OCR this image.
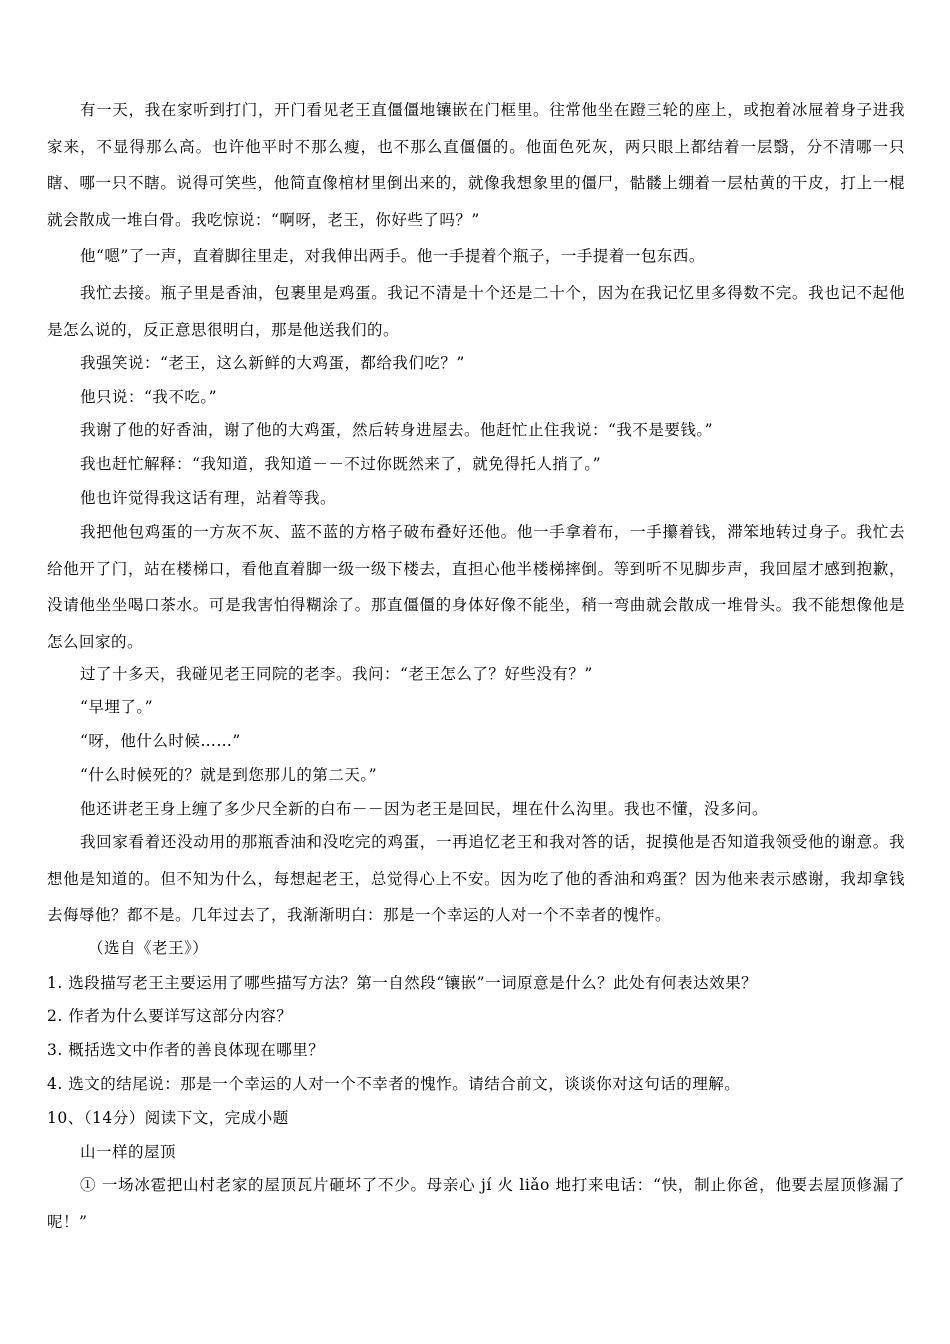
有一天，我在家听到打门，开门看见老王直僵僵地镶嵌在门框里。往常他坐在蹬三轮的座上，或抱着冰屉着身子进我家来，不显得那么高。也许他平时不那么瘦，也不那么直僵僵的。他面色死灰，两只眼上都结着一层翳，分不清哪一只瞎、哪一只不瞎。说得可笑些，他简直像棺材里倒出来的，就像我想象里的僵尸，骷髅上绷着一层枯黄的干皮，打上一棍就会散成一堆白骨。我吃惊说：“啊呀，老王，你好些了吗？”

他“嗯”了一声，直着脚往里走，对我伸出两手。他一手提着个瓶子，一手提着一包东西。

我忙去接。瓶子里是香油，包裹里是鸡蛋。我记不清是十个还是二十个，因为在我记忆里多得数不完。我也记不起他是怎么说的，反正意思很明白，那是他送我们的。

我强笑说：“老王，这么新鲜的大鸡蛋，都给我们吃？”

他只说：“我不吃。”

我谢了他的好香油，谢了他的大鸡蛋，然后转身进屋去。他赶忙止住我说：“我不是要钱。”

我也赶忙解释：“我知道，我知道－－不过你既然来了，就免得托人捎了。”

他也许觉得我这话有理，站着等我。

我把他包鸡蛋的一方灰不灰、蓝不蓝的方格子破布叠好还他。他一手拿着布，一手攥着钱，滞笨地转过身子。我忙去给他开了门，站在楼梯口，看他直着脚一级一级下楼去，直担心他半楼梯摔倒。等到听不见脚步声，我回屋才感到抱歉，没请他坐坐喝口茶水。可是我害怕得糊涂了。那直僵僵的身体好像不能坐，稍一弯曲就会散成一堆骨头。我不能想像他是怎么回家的。

过了十多天，我碰见老王同院的老李。我问：“老王怎么了？好些没有？”

“早埋了。”

“呀，他什么时候……”

“什么时候死的？就是到您那儿的第二天。”

他还讲老王身上缠了多少尺全新的白布－－因为老王是回民，埋在什么沟里。我也不懂，没多问。

我回家看着还没动用的那瓶香油和没吃完的鸡蛋，一再追忆老王和我对答的话，捉摸他是否知道我领受他的谢意。我想他是知道的。但不知为什么，每想起老王，总觉得心上不安。因为吃了他的香油和鸡蛋？因为他来表示感谢，我却拿钱去侮辱他？都不是。几年过去了，我渐渐明白：那是一个幸运的人对一个不幸者的愧怍。

（选自《老王》）

1. 选段描写老王主要运用了哪些描写方法？第一自然段“镶嵌”一词原意是什么？此处有何表达效果？

2. 作者为什么要详写这部分内容？

3. 概括选文中作者的善良体现在哪里？

4. 选文的结尾说：那是一个幸运的人对一个不幸者的愧怍。请结合前文，谈谈你对这句话的理解。

10、（14分）阅读下文，完成小题

山一样的屋顶

① 一场冰雹把山村老家的屋顶瓦片砸坏了不少。母亲心 jí 火 liǎo 地打来电话：“快，制止你爸，他要去屋顶修漏了呢！”
